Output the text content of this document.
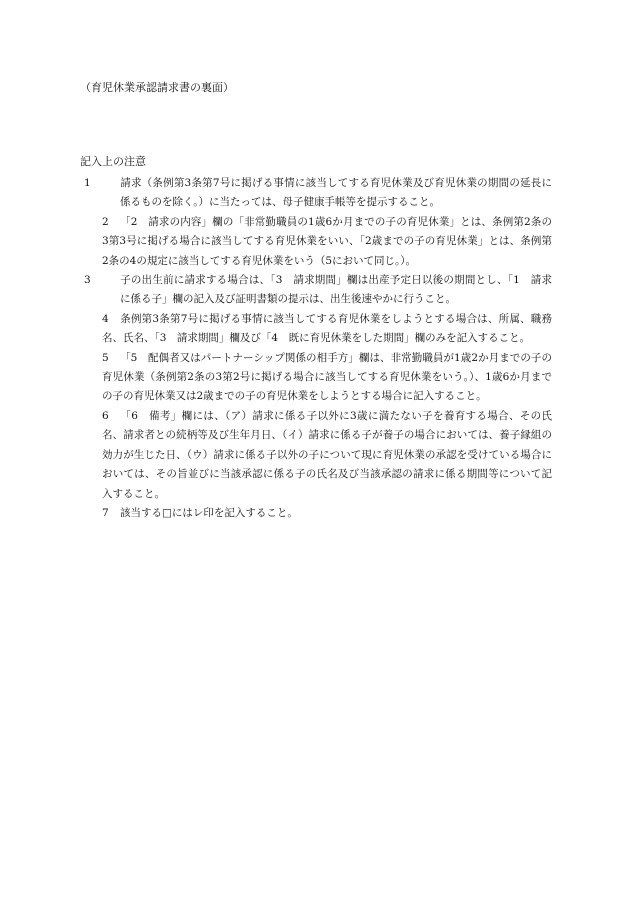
（育児休業承認請求書の裏面）
記入上の注意
1	請求（条例第3条第7号に掲げる事情に該当してする育児休業及び育児休業の期間の延長に係るものを除く。）に当たっては、母子健康手帳等を提示すること。
2 「2　請求の内容」欄の「非常勤職員の1歳6か月までの子の育児休業」とは、条例第2条の3第3号に掲げる場合に該当してする育児休業をいい、「2歳までの子の育児休業」とは、条例第2条の4の規定に該当してする育児休業をいう（5において同じ。）。
3	子の出生前に請求する場合は、「3　請求期間」欄は出産予定日以後の期間とし、「1　請求に係る子」欄の記入及び証明書類の提示は、出生後速やかに行うこと。
4 条例第3条第7号に掲げる事情に該当してする育児休業をしようとする場合は、所属、職務名、氏名、「3　請求期間」欄及び「4　既に育児休業をした期間」欄のみを記入すること。
5 「5　配偶者又はパートナーシップ関係の相手方」欄は、非常勤職員が1歳2か月までの子の育児休業（条例第2条の3第2号に掲げる場合に該当してする育児休業をいう。）、1歳6か月までの子の育児休業又は2歳までの子の育児休業をしようとする場合に記入すること。
6 「6　備考」欄には、（ア）請求に係る子以外に3歳に満たない子を養育する場合、その氏名、請求者との続柄等及び生年月日、（イ）請求に係る子が養子の場合においては、養子縁組の効力が生じた日、（ウ）請求に係る子以外の子について現に育児休業の承認を受けている場合においては、その旨並びに当該承認に係る子の氏名及び当該承認の請求に係る期間等について記入すること。
7 該当する□にはレ印を記入すること。
